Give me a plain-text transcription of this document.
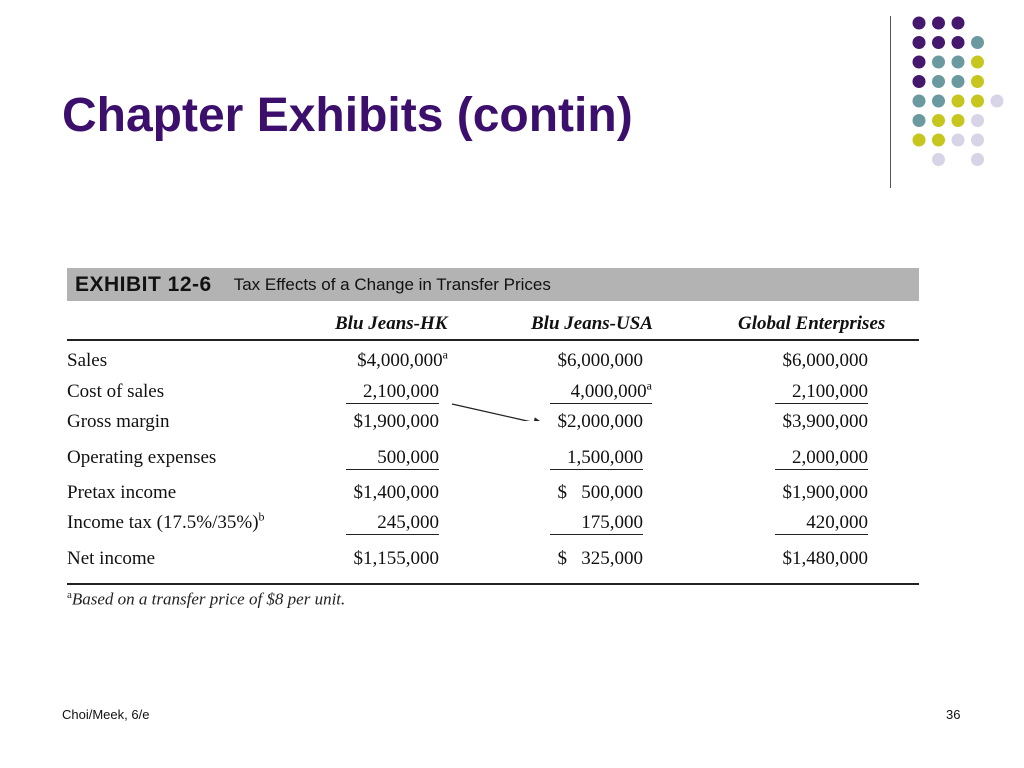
Chapter Exhibits (contin)
EXHIBIT 12-6 Tax Effects of a Change in Transfer Prices
Blu Jeans-HK	Blu Jeans-USA	Global Enterprises
Sales	$4,000,000$^a$	$6,000,000	$6,000,000
Cost of sales	2,100,000	4,000,000$^a$	2,100,000
Gross margin	$1,900,000	$2,000,000	$3,900,000
Operating expenses	500,000	1,500,000	2,000,000
Pretax income	$1,400,000	$   500,000	$1,900,000
Income tax $(17.5\%/35\%)^b$	245,000	175,000	420,000
Net income	$1,155,000	$   325,000	$1,480,000
$^a$Based on a transfer price of $8 per unit.
Choi/Meek, 6/e	36
